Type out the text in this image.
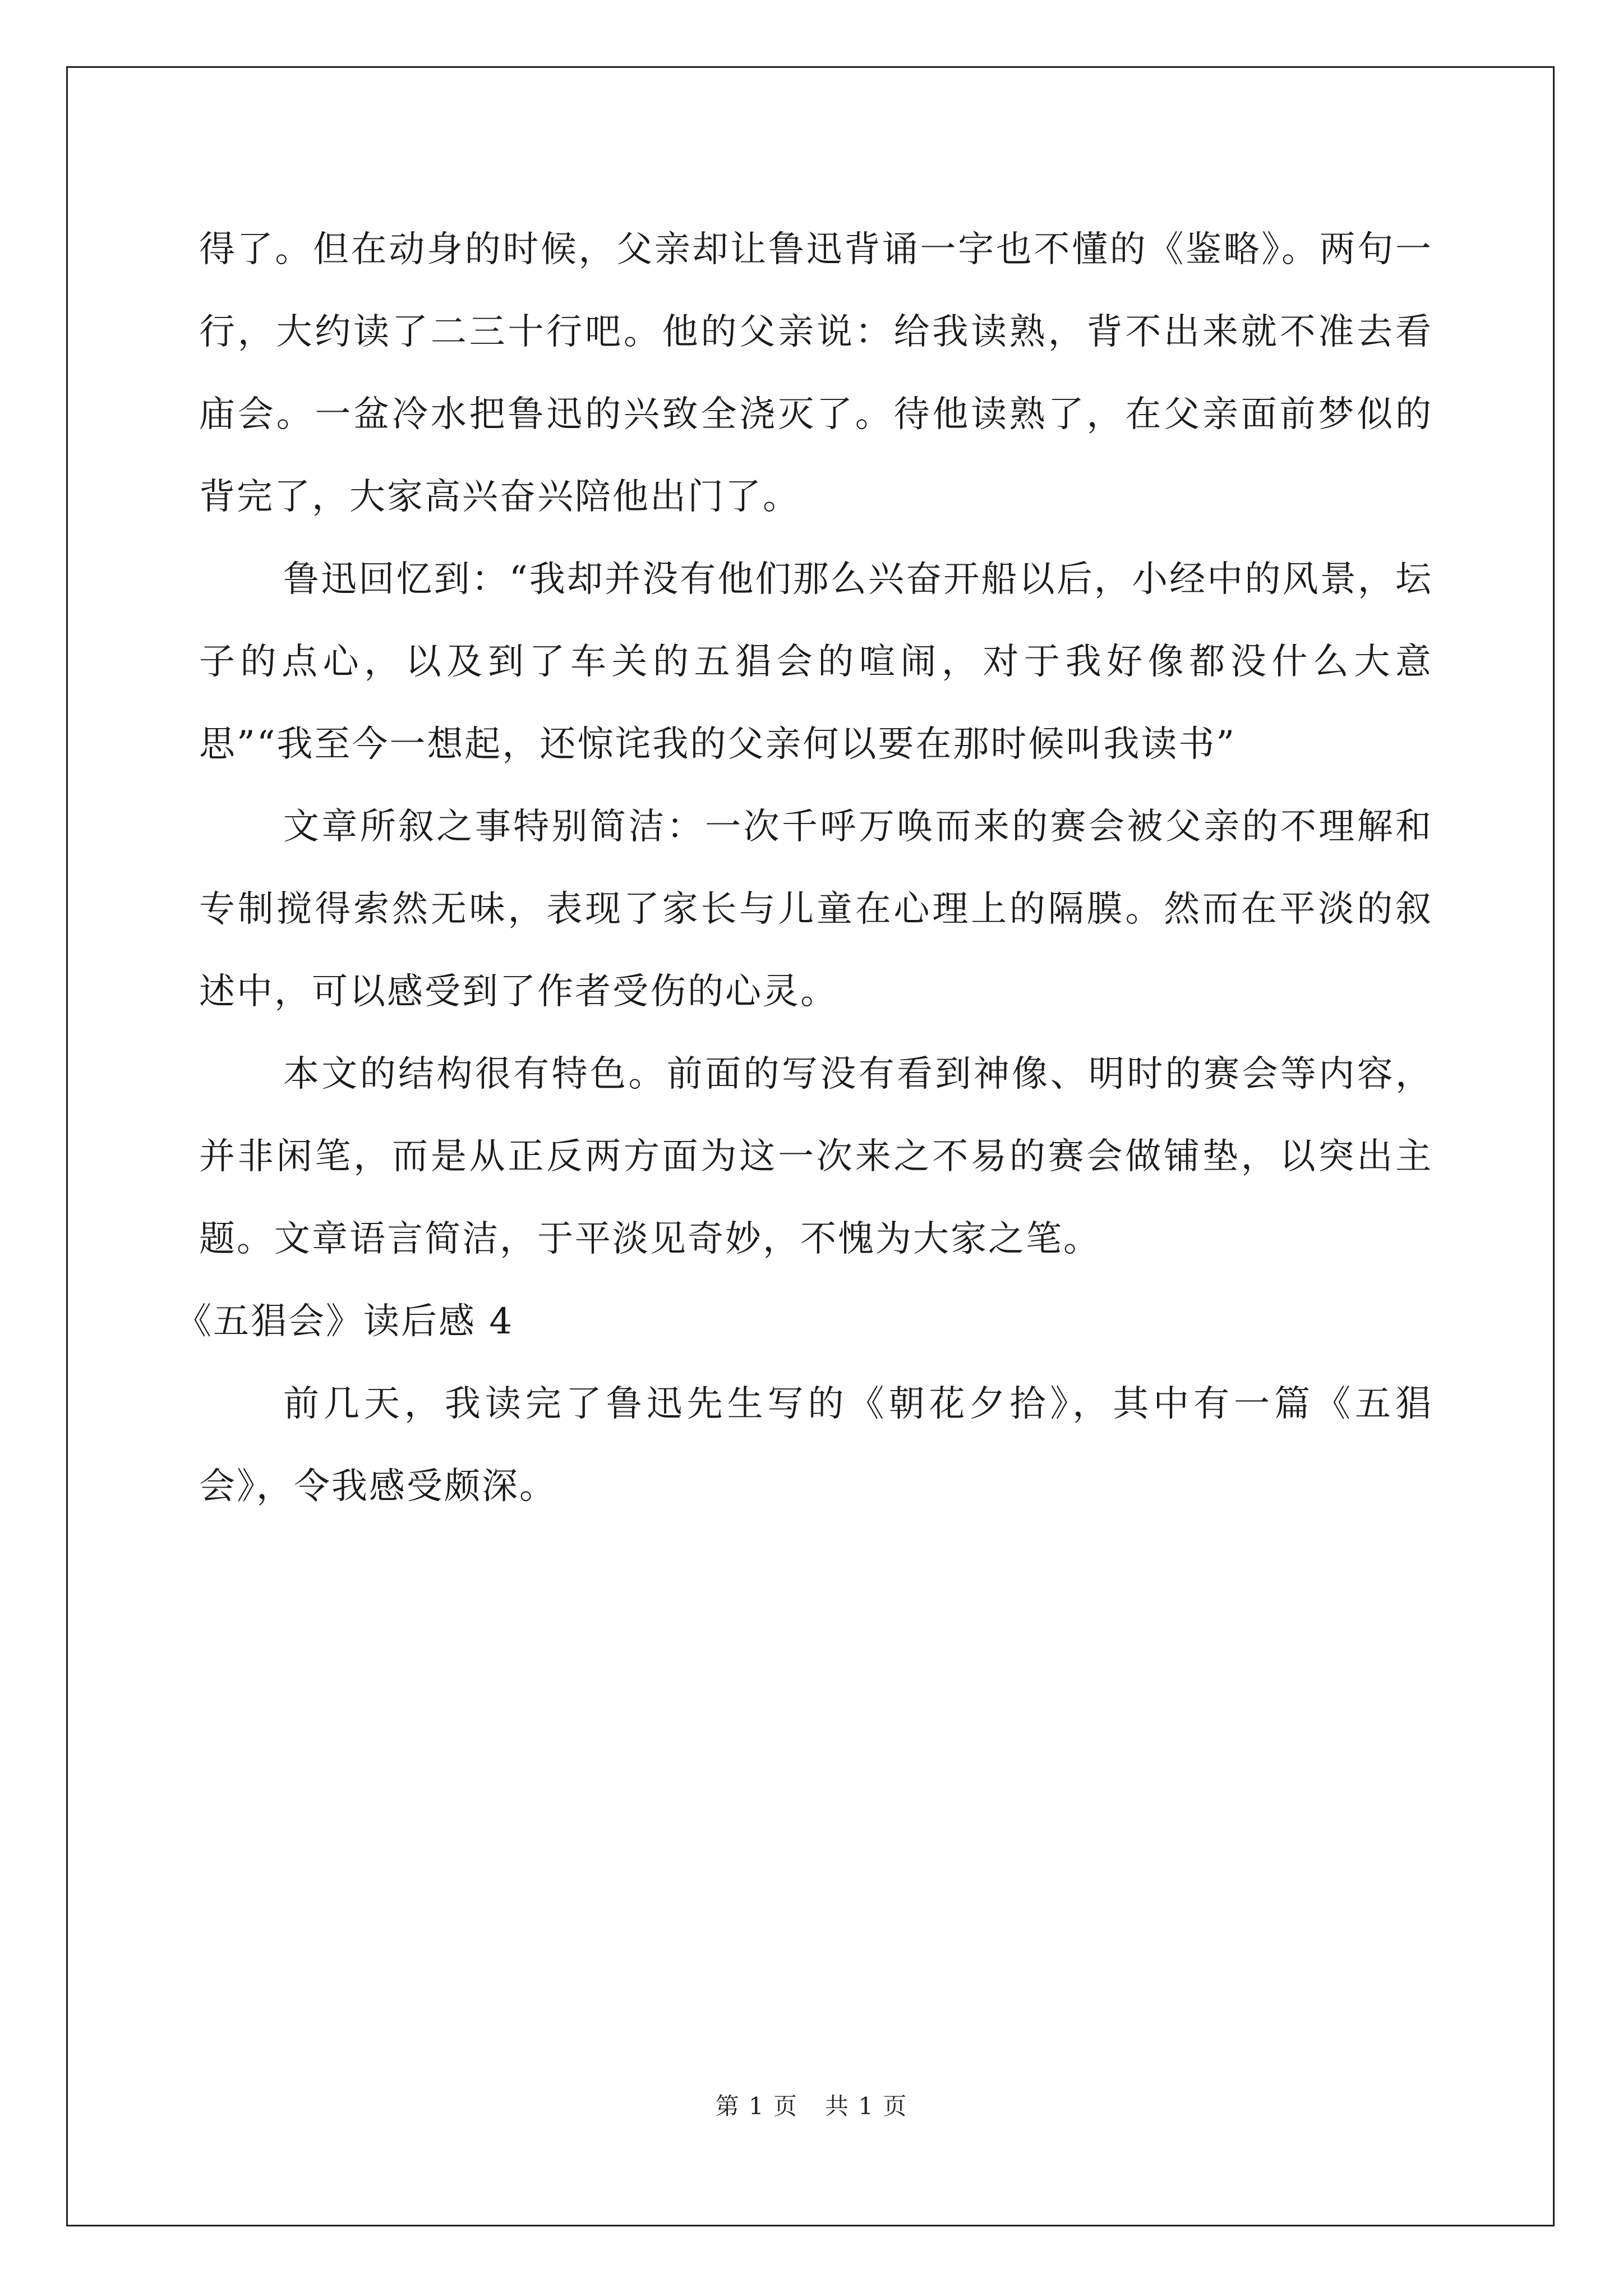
得了。但在动身的时候，父亲却让鲁迅背诵一字也不懂的《鉴略》。两句一行，大约读了二三十行吧。他的父亲说：给我读熟，背不出来就不准去看庙会。一盆冷水把鲁迅的兴致全浇灭了。待他读熟了，在父亲面前梦似的背完了，大家高兴奋兴陪他出门了。

鲁迅回忆到：“我却并没有他们那么兴奋开船以后，小经中的风景，坛子的点心，以及到了车关的五猖会的喧闹，对于我好像都没什么大意思”“我至今一想起，还惊诧我的父亲何以要在那时候叫我读书”

文章所叙之事特别简洁：一次千呼万唤而来的赛会被父亲的不理解和专制搅得索然无味，表现了家长与儿童在心理上的隔膜。然而在平淡的叙述中，可以感受到了作者受伤的心灵。

本文的结构很有特色。前面的写没有看到神像、明时的赛会等内容，并非闲笔，而是从正反两方面为这一次来之不易的赛会做铺垫，以突出主题。文章语言简洁，于平淡见奇妙，不愧为大家之笔。

《五猖会》读后感 4

前几天，我读完了鲁迅先生写的《朝花夕拾》，其中有一篇《五猖会》，令我感受颇深。

第 1 页 共 1 页
